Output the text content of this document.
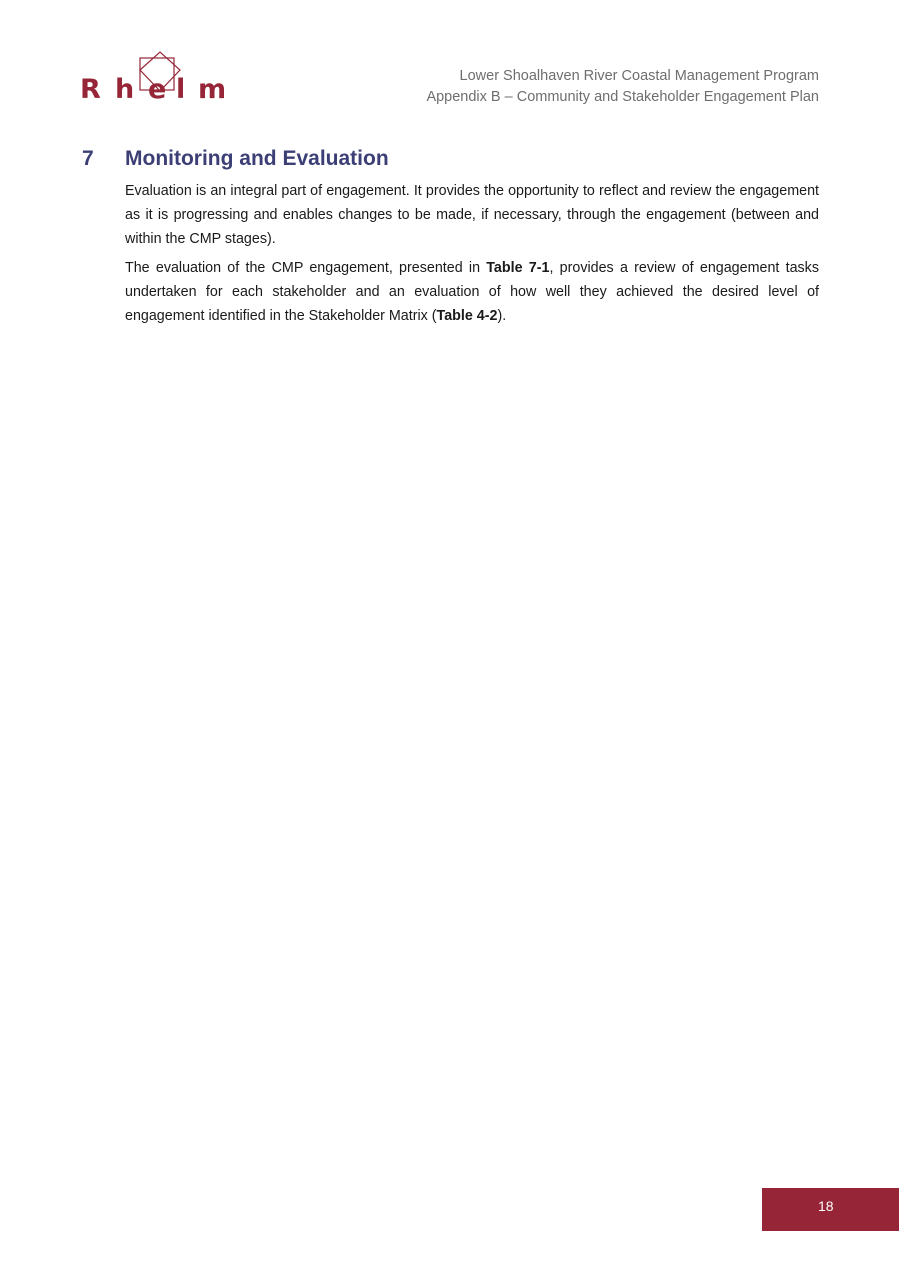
R h e l m	Lower Shoalhaven River Coastal Management Program
Appendix B – Community and Stakeholder Engagement Plan
7 Monitoring and Evaluation

Evaluation is an integral part of engagement. It provides the opportunity to reflect and review the engagement as it is progressing and enables changes to be made, if necessary, through the engagement (between and within the CMP stages).

The evaluation of the CMP engagement, presented in Table 7-1, provides a review of engagement tasks undertaken for each stakeholder and an evaluation of how well they achieved the desired level of engagement identified in the Stakeholder Matrix (Table 4-2).

18
